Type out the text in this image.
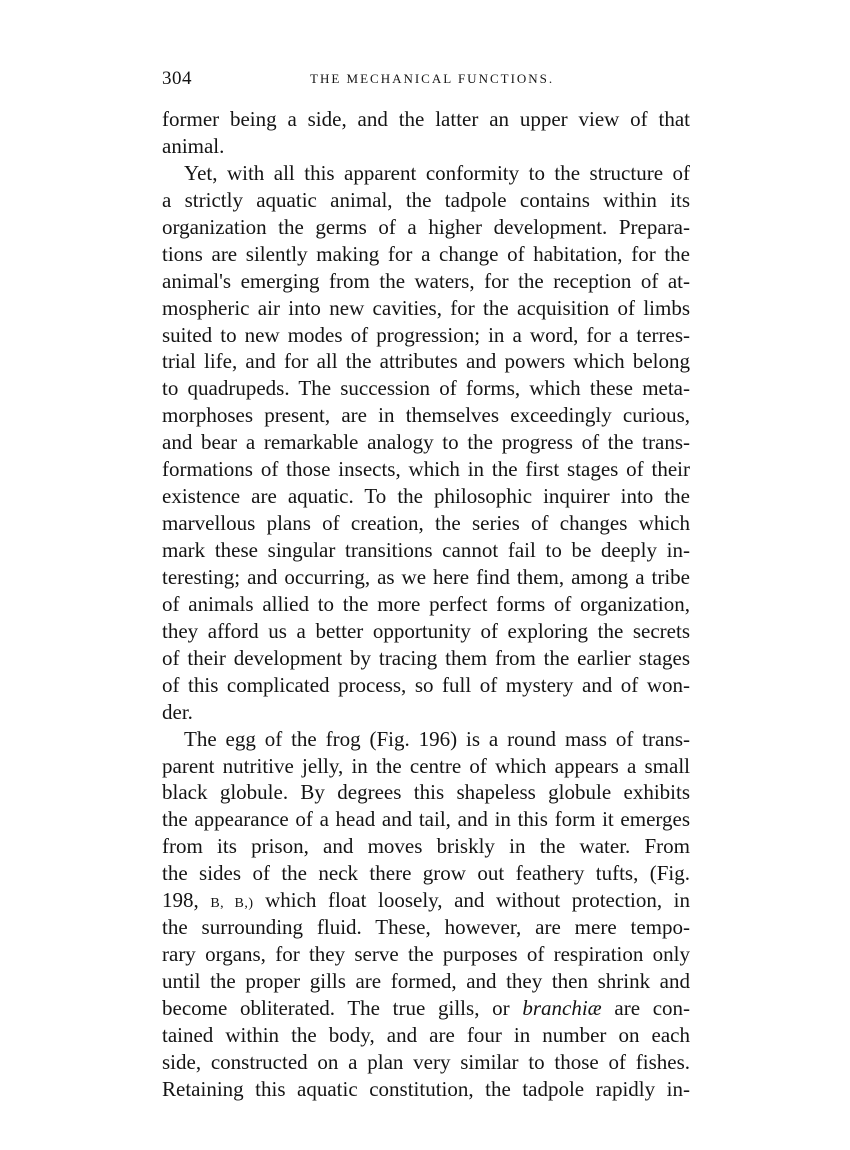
304	THE MECHANICAL FUNCTIONS.
former being a side, and the latter an upper view of that
animal.
Yet, with all this apparent conformity to the structure of
a strictly aquatic animal, the tadpole contains within its
organization the germs of a higher development. Prepara-
tions are silently making for a change of habitation, for the
animal's emerging from the waters, for the reception of at-
mospheric air into new cavities, for the acquisition of limbs
suited to new modes of progression; in a word, for a terres-
trial life, and for all the attributes and powers which belong
to quadrupeds. The succession of forms, which these meta-
morphoses present, are in themselves exceedingly curious,
and bear a remarkable analogy to the progress of the trans-
formations of those insects, which in the first stages of their
existence are aquatic. To the philosophic inquirer into the
marvellous plans of creation, the series of changes which
mark these singular transitions cannot fail to be deeply in-
teresting; and occurring, as we here find them, among a tribe
of animals allied to the more perfect forms of organization,
they afford us a better opportunity of exploring the secrets
of their development by tracing them from the earlier stages
of this complicated process, so full of mystery and of won-
der.
The egg of the frog (Fig. 196) is a round mass of trans-
parent nutritive jelly, in the centre of which appears a small
black globule. By degrees this shapeless globule exhibits
the appearance of a head and tail, and in this form it emerges
from its prison, and moves briskly in the water. From
the sides of the neck there grow out feathery tufts, (Fig.
198, B, B,) which float loosely, and without protection, in
the surrounding fluid. These, however, are mere tempo-
rary organs, for they serve the purposes of respiration only
until the proper gills are formed, and they then shrink and
become obliterated. The true gills, or branchiæ are con-
tained within the body, and are four in number on each
side, constructed on a plan very similar to those of fishes.
Retaining this aquatic constitution, the tadpole rapidly in-
